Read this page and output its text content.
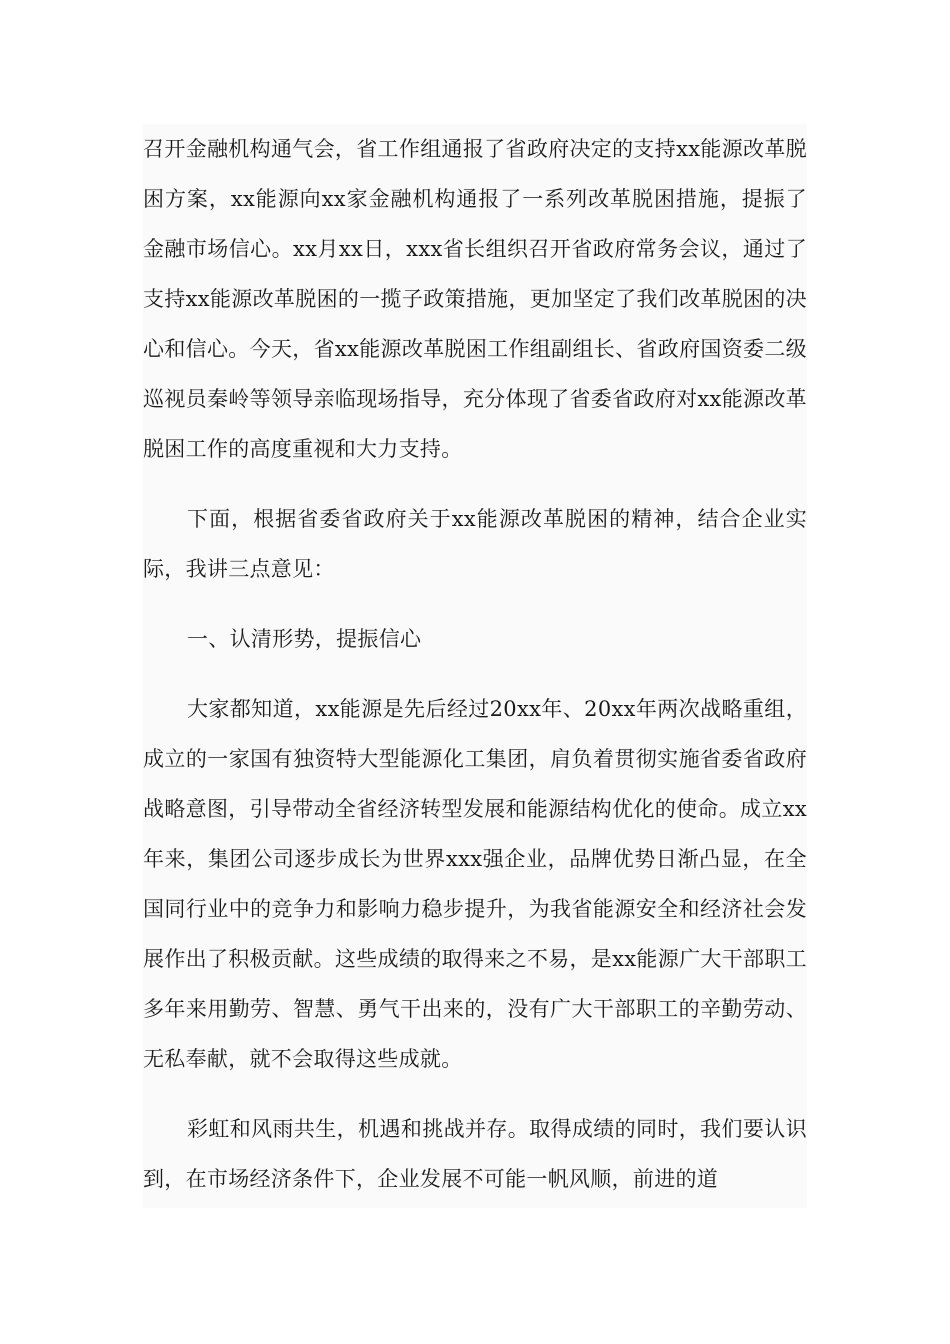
召开金融机构通气会，省工作组通报了省政府决定的支持xx能源改革脱困方案，xx能源向xx家金融机构通报了一系列改革脱困措施，提振了金融市场信心。xx月xx日，xxx省长组织召开省政府常务会议，通过了支持xx能源改革脱困的一揽子政策措施，更加坚定了我们改革脱困的决心和信心。今天，省xx能源改革脱困工作组副组长、省政府国资委二级巡视员秦岭等领导亲临现场指导，充分体现了省委省政府对xx能源改革脱困工作的高度重视和大力支持。

下面，根据省委省政府关于xx能源改革脱困的精神，结合企业实际，我讲三点意见：

一、认清形势，提振信心

大家都知道，xx能源是先后经过20xx年、20xx年两次战略重组，成立的一家国有独资特大型能源化工集团，肩负着贯彻实施省委省政府战略意图，引导带动全省经济转型发展和能源结构优化的使命。成立xx年来，集团公司逐步成长为世界xxx强企业，品牌优势日渐凸显，在全国同行业中的竞争力和影响力稳步提升，为我省能源安全和经济社会发展作出了积极贡献。这些成绩的取得来之不易，是xx能源广大干部职工多年来用勤劳、智慧、勇气干出来的，没有广大干部职工的辛勤劳动、无私奉献，就不会取得这些成就。

彩虹和风雨共生，机遇和挑战并存。取得成绩的同时，我们要认识到，在市场经济条件下，企业发展不可能一帆风顺，前进的道
